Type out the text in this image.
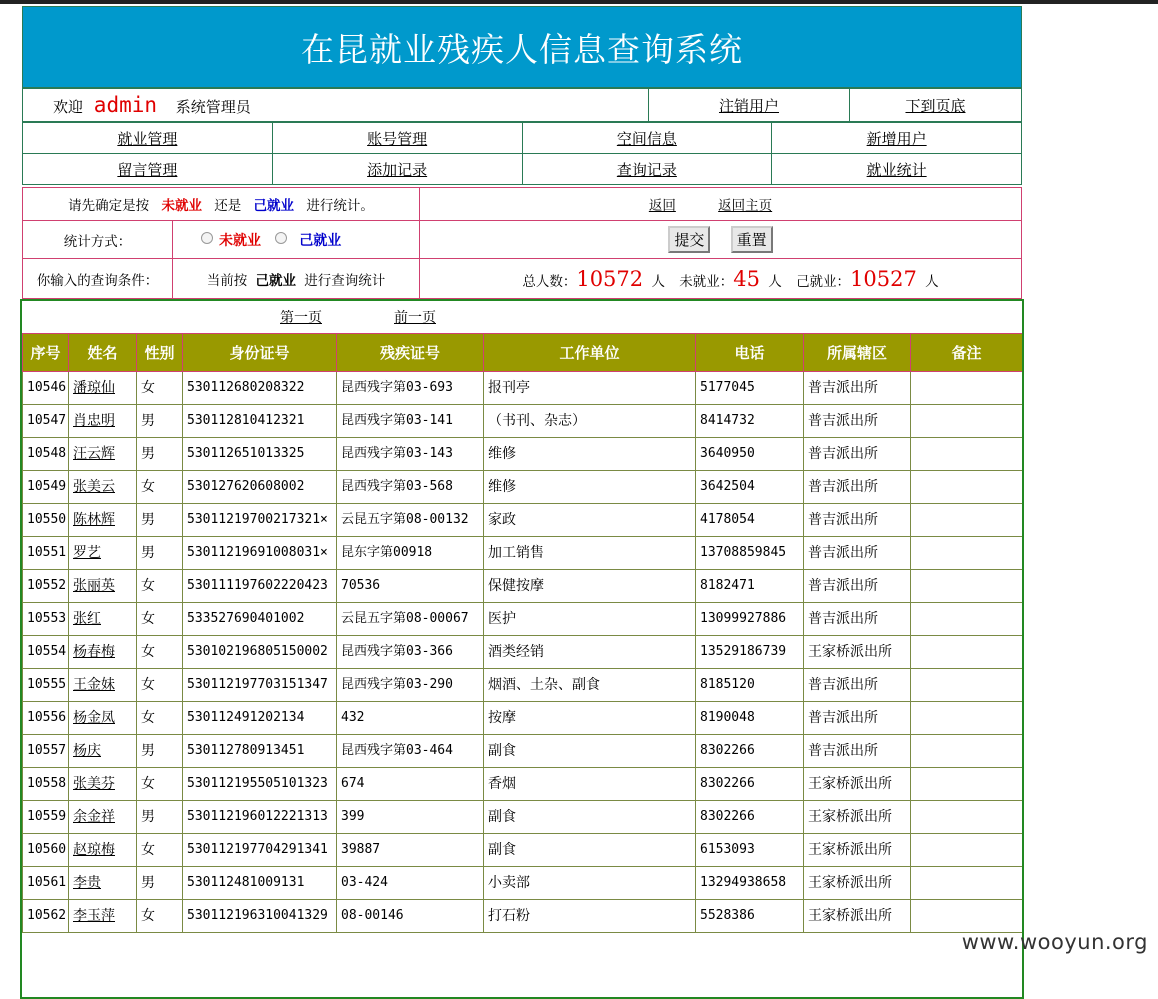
在昆就业残疾人信息查询系统
欢迎 admin 系统管理员	注销用户	下到页底
就业管理	账号管理	空间信息	新增用户
留言管理	添加记录	查询记录	就业统计
请先确定是按 未就业 还是 己就业 进行统计。		返回 返回主页
统计方式：	未就业 己就业	提交 重置
你输入的查询条件：	当前按 己就业 进行查询统计	总人数：10572 人 未就业：45 人 己就业：10527 人
第一页	前一页
序号	姓名	性别	身份证号	残疾证号	工作单位	电话	所属辖区	备注
10546	潘琼仙	女	530112680208322	昆西残字第03-693	报刊亭	5177045	普吉派出所	
10547	肖忠明	男	530112810412321	昆西残字第03-141	（书刊、杂志）	8414732	普吉派出所	
10548	汪云辉	男	530112651013325	昆西残字第03-143	维修	3640950	普吉派出所	
10549	张美云	女	530127620608002	昆西残字第03-568	维修	3642504	普吉派出所	
10550	陈林辉	男	53011219700217321×	云昆五字第08-00132	家政	4178054	普吉派出所	
10551	罗艺	男	53011219691008031×	昆东字第00918	加工销售	13708859845	普吉派出所	
10552	张丽英	女	530111197602220423	70536	保健按摩	8182471	普吉派出所	
10553	张红	女	533527690401002	云昆五字第08-00067	医护	13099927886	普吉派出所	
10554	杨春梅	女	530102196805150002	昆西残字第03-366	酒类经销	13529186739	王家桥派出所	
10555	王金妹	女	530112197703151347	昆西残字第03-290	烟酒、土杂、副食	8185120	普吉派出所	
10556	杨金凤	女	530112491202134	432	按摩	8190048	普吉派出所	
10557	杨庆	男	530112780913451	昆西残字第03-464	副食	8302266	普吉派出所	
10558	张美芬	女	530112195505101323	674	香烟	8302266	王家桥派出所	
10559	余金祥	男	530112196012221313	399	副食	8302266	王家桥派出所	
10560	赵琼梅	女	530112197704291341	39887	副食	6153093	王家桥派出所	
10561	李贵	男	530112481009131	03-424	小卖部	13294938658	王家桥派出所	
10562	李玉萍	女	530112196310041329	08-00146	打石粉	5528386	王家桥派出所	
www.wooyun.org
